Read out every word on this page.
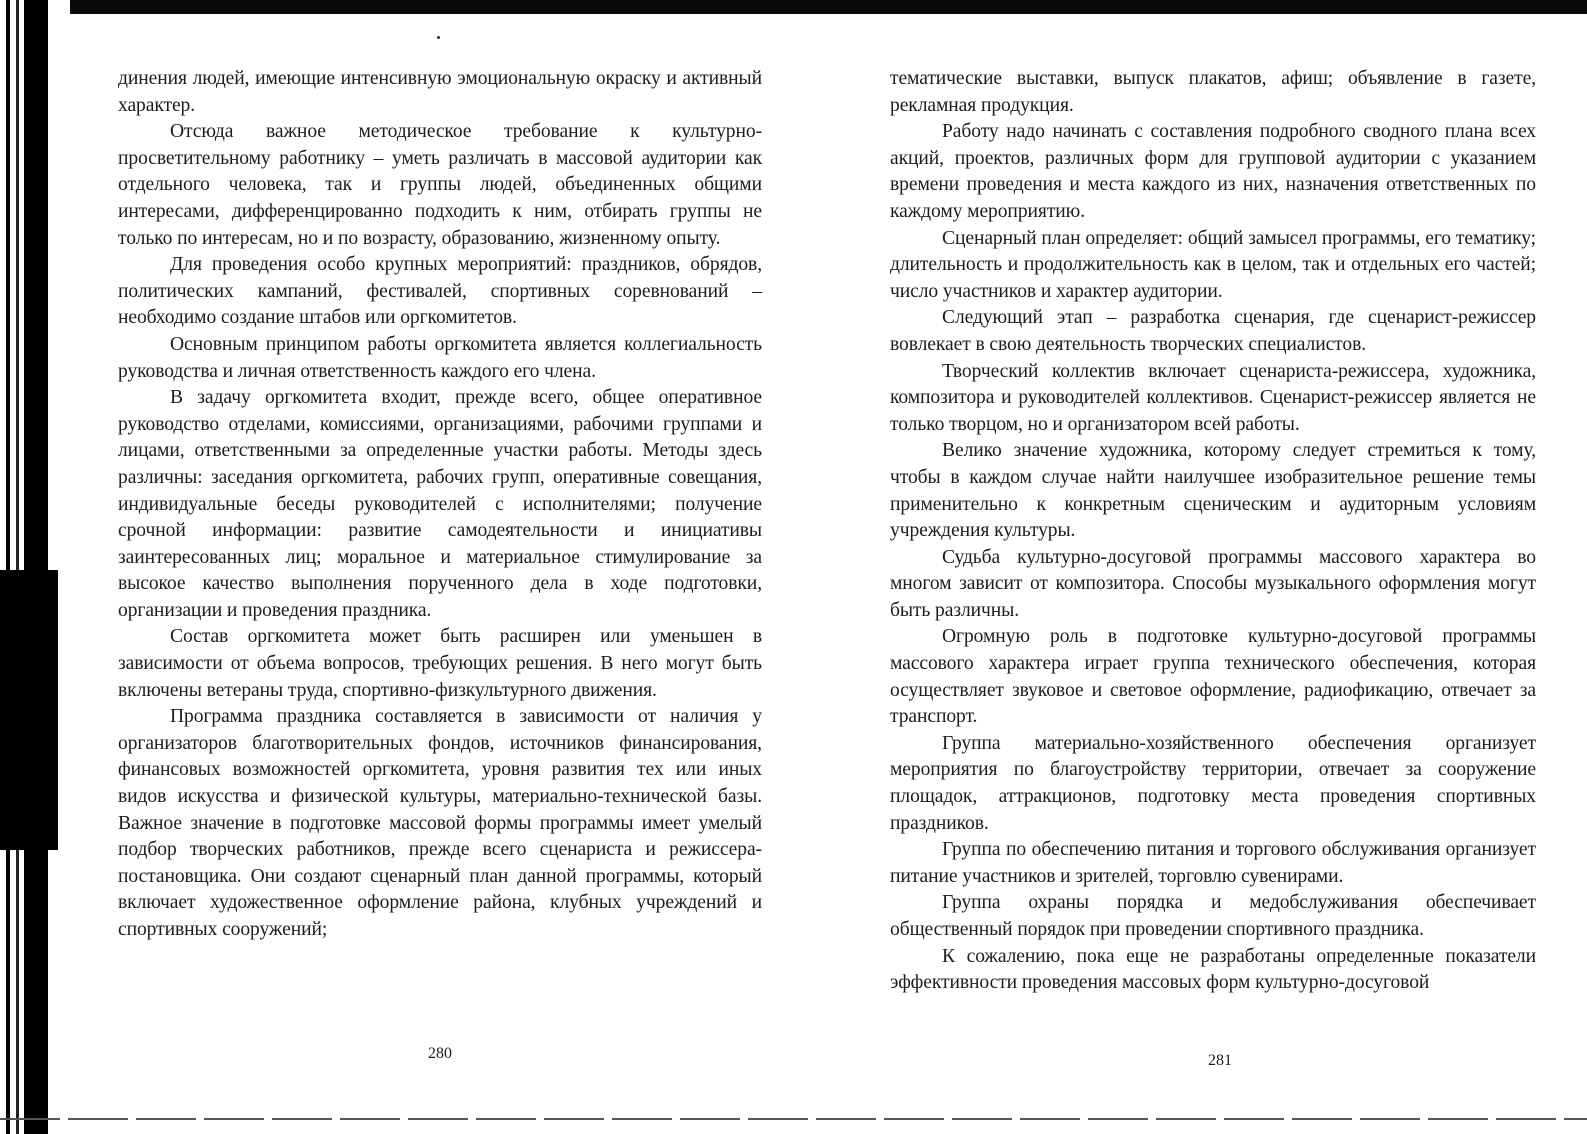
динения людей, имеющие интенсивную эмоциональную окраску и активный характер.

Отсюда важное методическое требование к культурно-просветительному работнику – уметь различать в массовой аудитории как отдельного человека, так и группы людей, объединенных общими интересами, дифференцированно подходить к ним, отбирать группы не только по интересам, но и по возрасту, образованию, жизненному опыту.

Для проведения особо крупных мероприятий: праздников, обрядов, политических кампаний, фестивалей, спортивных соревнований – необходимо создание штабов или оргкомитетов.

Основным принципом работы оргкомитета является коллегиальность руководства и личная ответственность каждого его члена.

В задачу оргкомитета входит, прежде всего, общее оперативное руководство отделами, комиссиями, организациями, рабочими группами и лицами, ответственными за определенные участки работы. Методы здесь различны: заседания оргкомитета, рабочих групп, оперативные совещания, индивидуальные беседы руководителей с исполнителями; получение срочной информации: развитие самодеятельности и инициативы заинтересованных лиц; моральное и материальное стимулирование за высокое качество выполнения порученного дела в ходе подготовки, организации и проведения праздника.

Состав оргкомитета может быть расширен или уменьшен в зависимости от объема вопросов, требующих решения. В него могут быть включены ветераны труда, спортивно-физкультурного движения.

Программа праздника составляется в зависимости от наличия у организаторов благотворительных фондов, источников финансирования, финансовых возможностей оргкомитета, уровня развития тех или иных видов искусства и физической культуры, материально-технической базы. Важное значение в подготовке массовой формы программы имеет умелый подбор творческих работников, прежде всего сценариста и режиссера-постановщика. Они создают сценарный план данной программы, который включает художественное оформление района, клубных учреждений и спортивных сооружений;

280

тематические выставки, выпуск плакатов, афиш; объявление в газете, рекламная продукция.

Работу надо начинать с составления подробного сводного плана всех акций, проектов, различных форм для групповой аудитории с указанием времени проведения и места каждого из них, назначения ответственных по каждому мероприятию.

Сценарный план определяет: общий замысел программы, его тематику; длительность и продолжительность как в целом, так и отдельных его частей; число участников и характер аудитории.

Следующий этап – разработка сценария, где сценарист-режиссер вовлекает в свою деятельность творческих специалистов.

Творческий коллектив включает сценариста-режиссера, художника, композитора и руководителей коллективов. Сценарист-режиссер является не только творцом, но и организатором всей работы.

Велико значение художника, которому следует стремиться к тому, чтобы в каждом случае найти наилучшее изобразительное решение темы применительно к конкретным сценическим и аудиторным условиям учреждения культуры.

Судьба культурно-досуговой программы массового характера во многом зависит от композитора. Способы музыкального оформления могут быть различны.

Огромную роль в подготовке культурно-досуговой программы массового характера играет группа технического обеспечения, которая осуществляет звуковое и световое оформление, радиофикацию, отвечает за транспорт.

Группа материально-хозяйственного обеспечения организует мероприятия по благоустройству территории, отвечает за сооружение площадок, аттракционов, подготовку места проведения спортивных праздников.

Группа по обеспечению питания и торгового обслуживания организует питание участников и зрителей, торговлю сувенирами.

Группа охраны порядка и медобслуживания обеспечивает общественный порядок при проведении спортивного праздника.

К сожалению, пока еще не разработаны определенные показатели эффективности проведения массовых форм культурно-досуговой

281
